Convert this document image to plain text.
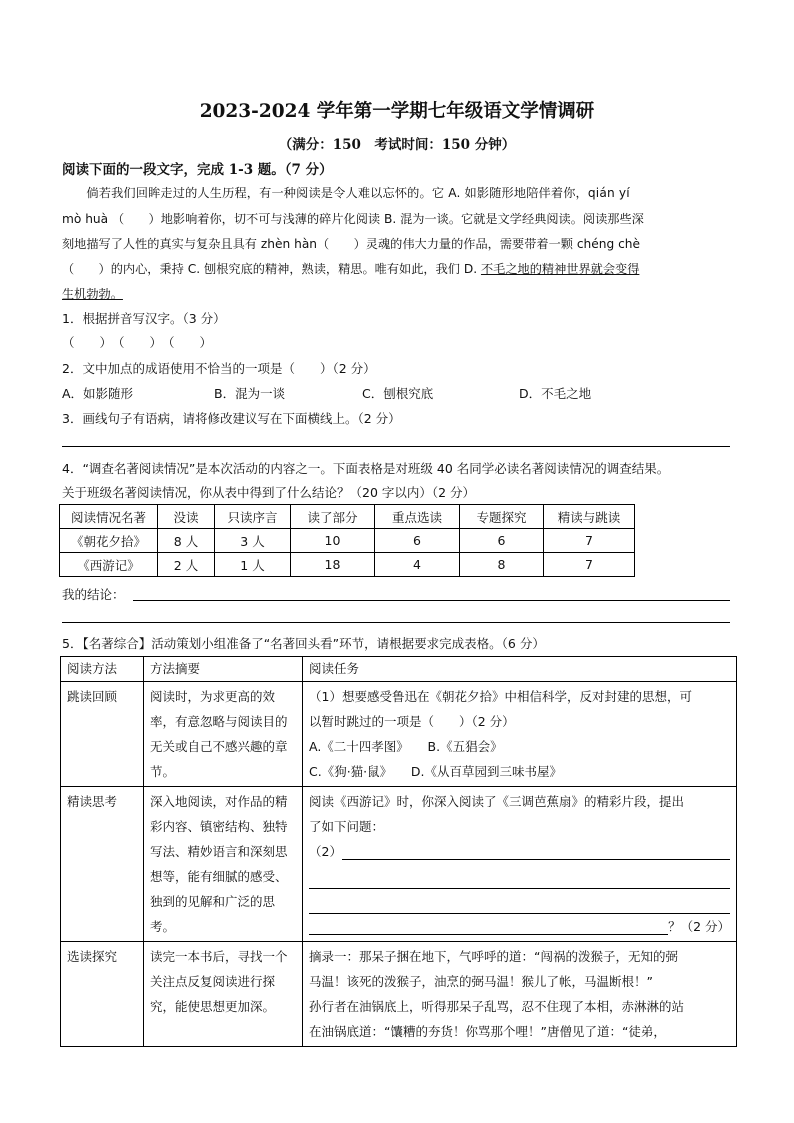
2023-2024 学年第一学期七年级语文学情调研
（满分：150　考试时间：150 分钟）
阅读下面的一段文字，完成 1-3 题。（7 分）
倘若我们回眸走过的人生历程，有一种阅读是令人难以忘怀的。它 A. 如影随形地陪伴着你，qián yí
mò huà （　　）地影响着你，切不可与浅薄的碎片化阅读 B. 混为一谈。它就是文学经典阅读。阅读那些深
刻地描写了人性的真实与复杂且具有 zhèn hàn（　　）灵魂的伟大力量的作品，需要带着一颗 chéng chè
（　　）的内心，秉持 C. 刨根究底的精神，熟读，精思。唯有如此，我们 D. 不毛之地的精神世界就会变得
生机勃勃。
1．根据拼音写汉字。（3 分）
（　　）　（　　）　（　　）
2．文中加点的成语使用不恰当的一项是（　　）（2 分）
A．如影随形	B．混为一谈	C．刨根究底	D．不毛之地
3．画线句子有语病，请将修改建议写在下面横线上。（2 分）
4．“调查名著阅读情况”是本次活动的内容之一。下面表格是对班级 40 名同学必读名著阅读情况的调查结果。
关于班级名著阅读情况，你从表中得到了什么结论？（20 字以内）（2 分）
阅读情况名著	没读	只读序言	读了部分	重点选读	专题探究	精读与跳读
《朝花夕拾》	8 人	3 人	10	6	6	7
《西游记》	2 人	1 人	18	4	8	7
我的结论：
5．【名著综合】活动策划小组准备了“名著回头看”环节，请根据要求完成表格。（6 分）
阅读方法	方法摘要	阅读任务
跳读回顾	阅读时，为求更高的效率，有意忽略与阅读目的无关或自己不感兴趣的章节。	（1）想要感受鲁迅在《朝花夕拾》中相信科学，反对封建的思想，可
以暂时跳过的一项是（　　）（2 分）
A.《二十四孝图》　　B.《五猖会》
C.《狗·猫·鼠》　　D.《从百草园到三味书屋》

精读思考	深入地阅读，对作品的精彩内容、镇密结构、独特写法、精妙语言和深刻思想等，能有细腻的感受、独到的见解和广泛的思考。	阅读《西游记》时，你深入阅读了《三调芭蕉扇》的精彩片段，提出
了如下问题：
（2）
？（2 分）

选读探究	读完一本书后，寻找一个关注点反复阅读进行探究，能使思想更加深。	摘录一：那呆子捆在地下，气呼呼的道：“闯祸的泼猴子，无知的弼
马温！该死的泼猴子，油烹的弼马温！猴儿了帐，马温断根！”
孙行者在油锅底上，听得那呆子乱骂，忍不住现了本相，赤淋淋的站
在油锅底道：“馕糟的夯货！你骂那个哩！”唐僧见了道：“徒弟，
